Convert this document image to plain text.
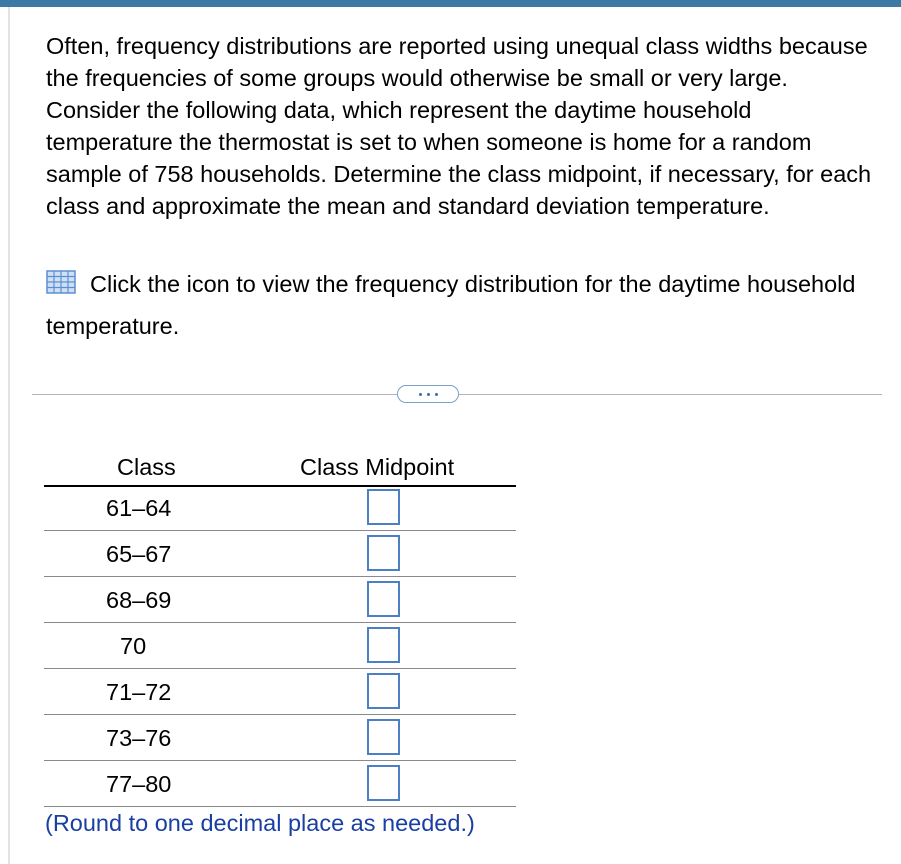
Often, frequency distributions are reported using unequal class widths because the frequencies of some groups would otherwise be small or very large. Consider the following data, which represent the daytime household temperature the thermostat is set to when someone is home for a random sample of 758 households. Determine the class midpoint, if necessary, for each class and approximate the mean and standard deviation temperature.

Click the icon to view the frequency distribution for the daytime household temperature.

Class	Class Midpoint
61–64
65–67
68–69
70
71–72
73–76
77–80
(Round to one decimal place as needed.)
